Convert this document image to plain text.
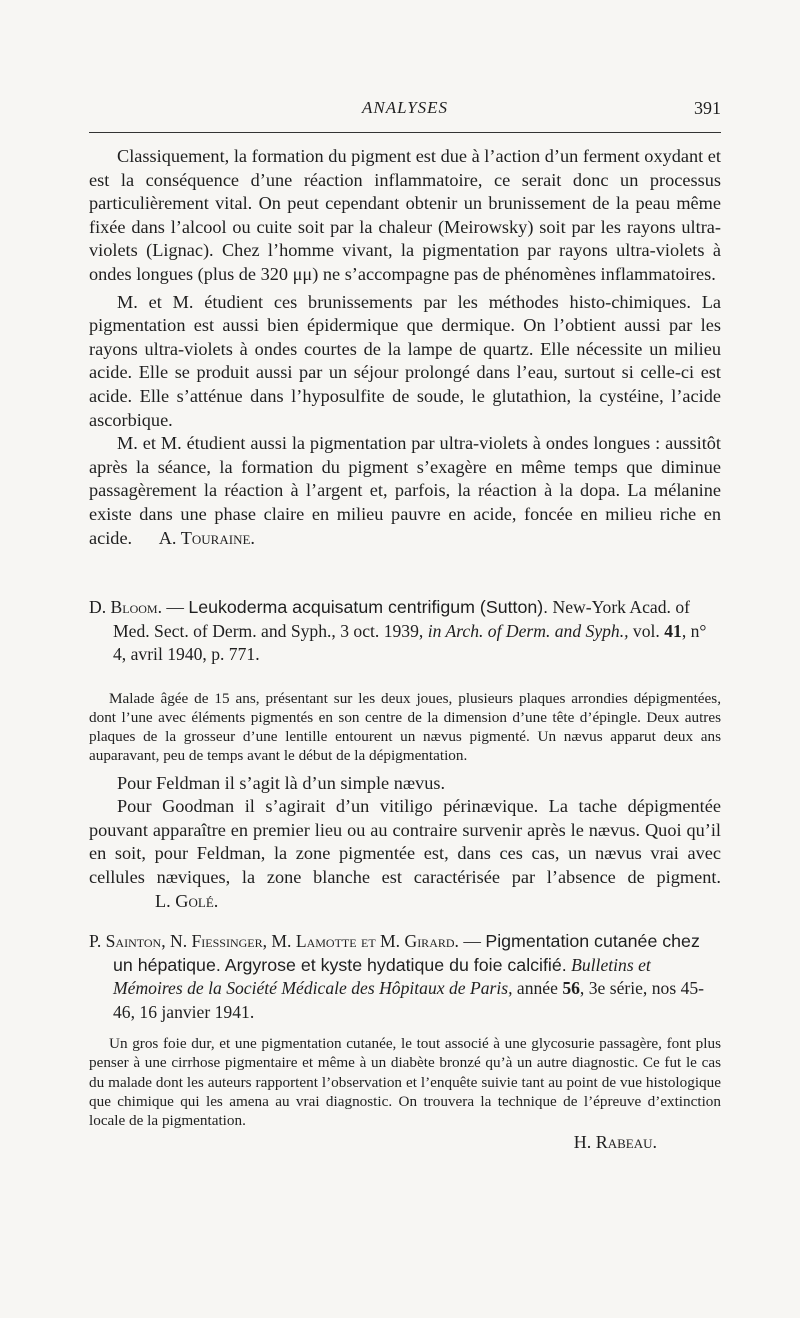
ANALYSES	391

Classiquement, la formation du pigment est due à l’action d’un ferment oxydant et est la conséquence d’une réaction inflammatoire, ce serait donc un processus particulièrement vital. On peut cependant obtenir un brunissement de la peau même fixée dans l’alcool ou cuite soit par la chaleur (Meirowsky) soit par les rayons ultra-violets (Lignac). Chez l’homme vivant, la pigmentation par rayons ultra-violets à ondes longues (plus de 320 μμ) ne s’accompagne pas de phénomènes inflammatoires.

M. et M. étudient ces brunissements par les méthodes histo-chimiques. La pigmentation est aussi bien épidermique que dermique. On l’obtient aussi par les rayons ultra-violets à ondes courtes de la lampe de quartz. Elle nécessite un milieu acide. Elle se produit aussi par un séjour prolongé dans l’eau, surtout si celle-ci est acide. Elle s’atténue dans l’hyposulfite de soude, le glutathion, la cystéine, l’acide ascorbique.

M. et M. étudient aussi la pigmentation par ultra-violets à ondes longues : aussitôt après la séance, la formation du pigment s’exagère en même temps que diminue passagèrement la réaction à l’argent et, parfois, la réaction à la dopa. La mélanine existe dans une phase claire en milieu pauvre en acide, foncée en milieu riche en acide. A. Touraine.

D. Bloom. — Leukoderma acquisatum centrifigum (Sutton). New-York Acad. of Med. Sect. of Derm. and Syph., 3 oct. 1939, in Arch. of Derm. and Syph., vol. 41, n° 4, avril 1940, p. 771.

Malade âgée de 15 ans, présentant sur les deux joues, plusieurs plaques arrondies dépigmentées, dont l’une avec éléments pigmentés en son centre de la dimension d’une tête d’épingle. Deux autres plaques de la grosseur d’une lentille entourent un nævus pigmenté. Un nævus apparut deux ans auparavant, peu de temps avant le début de la dépigmentation.

Pour Feldman il s’agit là d’un simple nævus.

Pour Goodman il s’agirait d’un vitiligo périnævique. La tache dépigmentée pouvant apparaître en premier lieu ou au contraire survenir après le nævus. Quoi qu’il en soit, pour Feldman, la zone pigmentée est, dans ces cas, un nævus vrai avec cellules næviques, la zone blanche est caractérisée par l’absence de pigment. L. Golé.

P. Sainton, N. Fiessinger, M. Lamotte et M. Girard. — Pigmentation cutanée chez un hépatique. Argyrose et kyste hydatique du foie calcifié. Bulletins et Mémoires de la Société Médicale des Hôpitaux de Paris, année 56, 3e série, nos 45-46, 16 janvier 1941.

Un gros foie dur, et une pigmentation cutanée, le tout associé à une glycosurie passagère, font plus penser à une cirrhose pigmentaire et même à un diabète bronzé qu’à un autre diagnostic. Ce fut le cas du malade dont les auteurs rapportent l’observation et l’enquête suivie tant au point de vue histologique que chimique qui les amena au vrai diagnostic. On trouvera la technique de l’épreuve d’extinction locale de la pigmentation.

H. Rabeau.
